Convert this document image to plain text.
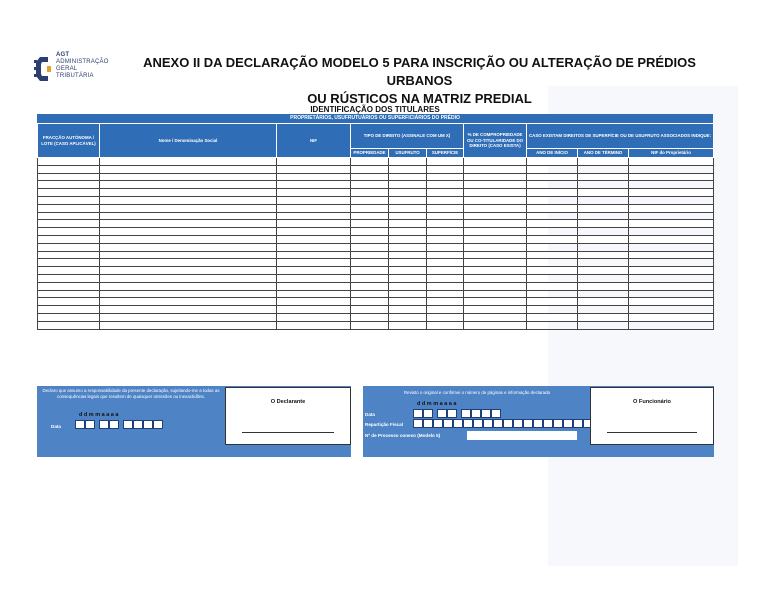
AGT
ADMINISTRAÇÃO
GERAL
TRIBUTÁRIA
ANEXO II DA DECLARAÇÃO MODELO 5 PARA INSCRIÇÃO OU ALTERAÇÃO DE PRÉDIOS URBANOS
OU RÚSTICOS NA MATRIZ PREDIAL
IDENTIFICAÇÃO DOS TITULARES
PROPRIETÁRIOS, USUFRUTUÁRIOS OU SUPERFICIÁRIOS DO PRÉDIO
FRACÇÃO AUTÓNOMA / LOTE (CASO APLICÁVEL)	Nome / Denominação Social	NIF	TIPO DE DIREITO (ASSINALE COM UM X)			% DE COMPROPRIEDADE OU CO-TITULARIDADE DO DIREITO (CASO EXISTA)	CASO EXISTAM DIREITOS DE SUPERFÍCIE OU DE USUFRUTO ASSOCIADOS INDIQUE:		
			PROPRIEDADE	USUFRUTO	SUPERFÍCIE		ANO DE INÍCIO	ANO DE TÉRMINO	NIF do Proprietário

Declaro que assumo a responsabilidade da presente declaração, sujeitando-me a todas as consequências legais que resultem de quaisquer omissões ou inexactidões.
d d m m a a a a
Data
O Declarante
Revisto o original e confirmei o número de páginas e informação declarada
d d m m a a a a
Data
Repartição Fiscal
Nº de Processo conexo (Modelo 5)
O Funcionário
